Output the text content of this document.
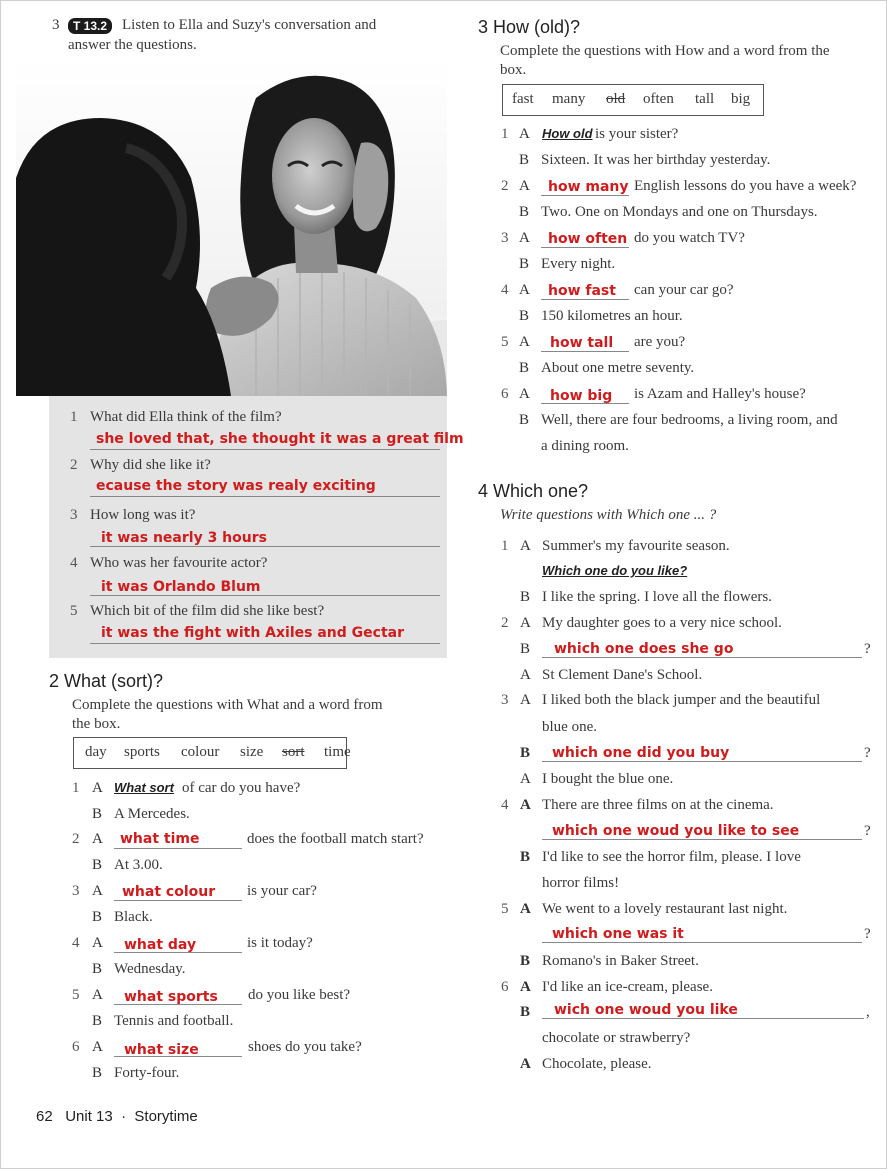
3	T 13.2 Listen to Ella and Suzy's conversation and
answer the questions.
1 What did Ella think of the film?
she loved that, she thought it was a great film
2 Why did she like it?
ecause the story was realy exciting
3 How long was it?
it was nearly 3 hours
4 Who was her favourite actor?
it was Orlando Blum
5 Which bit of the film did she like best?
it was the fight with Axiles and Gectar
2 What (sort)?
Complete the questions with What and a word from
the box.
day sports colour size sort time
1 A What sort of car do you have?
B A Mercedes.
2 A what time	does the football match start?
B At 3.00.
3 A what colour is your car?
B Black.
4 A what day	is it today?
B Wednesday.
5 A what sports do you like best?
B Tennis and football.
6 A what size	shoes do you take?
B Forty-four.
62 Unit 13 · Storytime
3 How (old)?
Complete the questions with How and a word from the
box.
fast many old often tall big
1 A How old is your sister?
B Sixteen. It was her birthday yesterday.
2 A how many English lessons do you have a week?
B Two. One on Mondays and one on Thursdays.
3 A how often do you watch TV?
B Every night.
4 A how fast can your car go?
B 150 kilometres an hour.
5 A how tall are you?
B About one metre seventy.
6 A how big is Azam and Halley's house?
B Well, there are four bedrooms, a living room, and
a dining room.
4 Which one?
Write questions with Which one ... ?
1 A Summer's my favourite season.
Which one do you like?
B I like the spring. I love all the flowers.
2 A My daughter goes to a very nice school.
B which one does she go	?
A St Clement Dane's School.
3 A I liked both the black jumper and the beautiful
blue one.
B which one did you buy	?
A I bought the blue one.
4 A There are three films on at the cinema.
which one woud you like to see	?
B I'd like to see the horror film, please. I love
horror films!
5 A We went to a lovely restaurant last night.
which one was it	?
B Romano's in Baker Street.
6 A I'd like an ice-cream, please.
B wich one woud you like	,
chocolate or strawberry?
A Chocolate, please.
